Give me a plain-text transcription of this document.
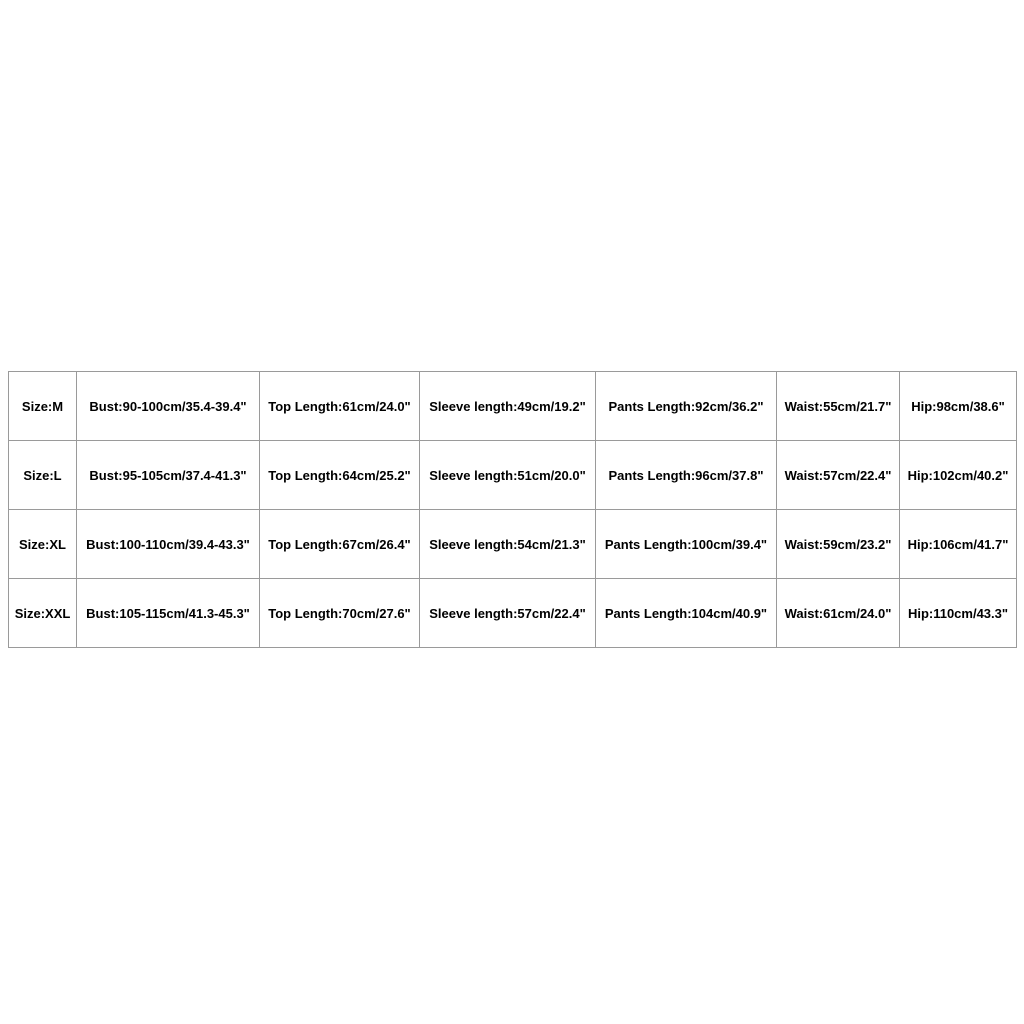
Size:M	Bust:90-100cm/35.4-39.4"	Top Length:61cm/24.0"	Sleeve length:49cm/19.2"	Pants Length:92cm/36.2"	Waist:55cm/21.7"	Hip:98cm/38.6"
Size:L	Bust:95-105cm/37.4-41.3"	Top Length:64cm/25.2"	Sleeve length:51cm/20.0"	Pants Length:96cm/37.8"	Waist:57cm/22.4"	Hip:102cm/40.2"
Size:XL	Bust:100-110cm/39.4-43.3"	Top Length:67cm/26.4"	Sleeve length:54cm/21.3"	Pants Length:100cm/39.4"	Waist:59cm/23.2"	Hip:106cm/41.7"
Size:XXL	Bust:105-115cm/41.3-45.3"	Top Length:70cm/27.6"	Sleeve length:57cm/22.4"	Pants Length:104cm/40.9"	Waist:61cm/24.0"	Hip:110cm/43.3"
